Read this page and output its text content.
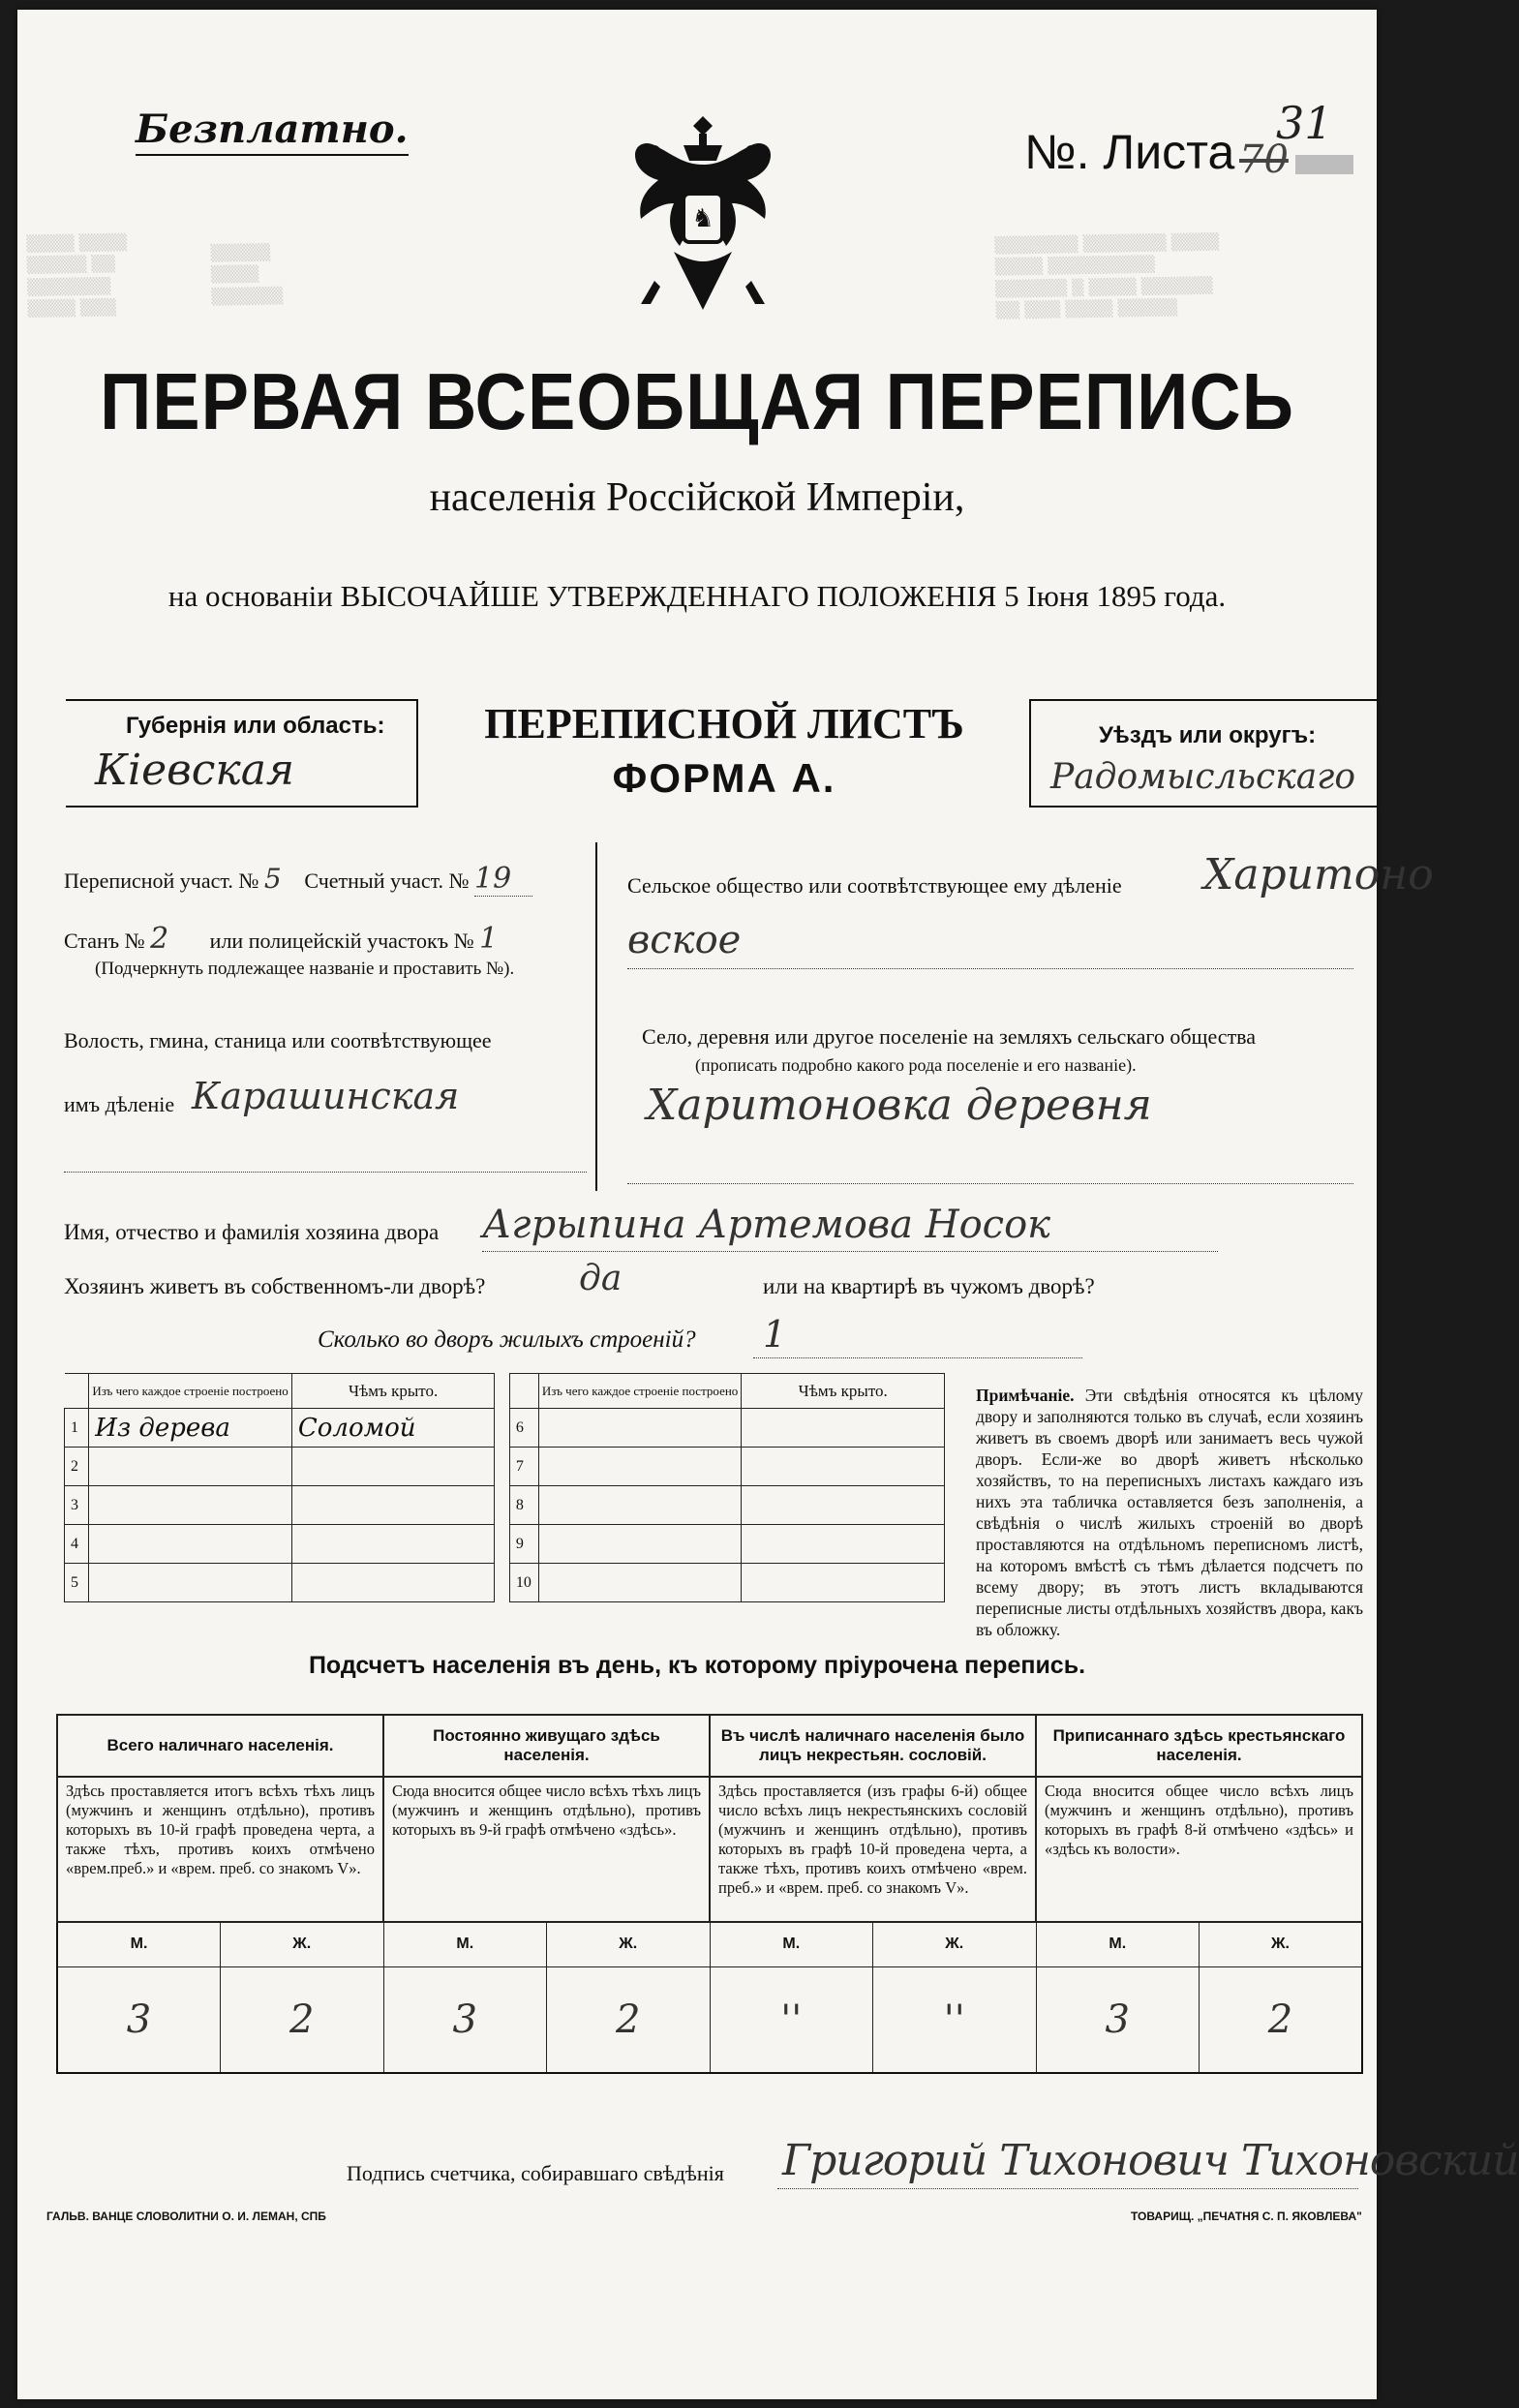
▒▒▒▒ ▒▒▒▒
▒▒▒▒▒ ▒▒
▒▒▒▒▒▒▒
▒▒▒▒ ▒▒▒
▒▒▒▒▒
▒▒▒▒
▒▒▒▒▒▒
▒▒▒▒▒▒▒ ▒▒▒▒▒▒▒ ▒▒▒▒
▒▒▒▒ ▒▒▒▒▒▒▒▒▒
▒▒▒▒▒▒ ▒ ▒▒▒▒ ▒▒▒▒▒▒
▒▒ ▒▒▒ ▒▒▒▒ ▒▒▒▒▒
Безплатно.	№. Листа
31
70
♞
ПЕРВАЯ ВСЕОБЩАЯ ПЕРЕПИСЬ
населенія Россійской Имперіи,
на основаніи ВЫСОЧАЙШЕ УТВЕРЖДЕННАГО ПОЛОЖЕНІЯ 5 Іюня 1895 года.
Губернія или область:
Кіевская
ПЕРЕПИСНОЙ ЛИСТЪ
ФОРМА А.
Уѣздъ или округъ:
Радомысльскаго
Переписной участ. № 5 Счетный участ. № 19
Станъ № 2 или полицейскій участокъ № 1
(Подчеркнуть подлежащее названіе и проставить №).
Волость, гмина, станица или соотвѣтствующее
имъ дѣленіе Карашинская
Сельское общество или соотвѣтствующее ему дѣленіе Харитоно
вское
Село, деревня или другое поселеніе на земляхъ сельскаго общества
(прописать подробно какого рода поселеніе и его названіе).
Харитоновка деревня
Имя, отчество и фамилія хозяина двора Агрыпина Артемова Носок
Хозяинъ живетъ въ собственномъ-ли дворѣ?	да	или на квартирѣ въ чужомъ дворѣ?
Сколько во дворъ жилыхъ строеній? 1
	Изъ чего каждое строеніе построено	Чѣмъ крыто.			Изъ чего каждое строеніе построено	Чѣмъ крыто.
1	Из дерева	Соломой		6		
2				7		
3				8		
4				9		
5				10		
Примѣчаніе. Эти свѣдѣнія относятся къ цѣлому двору и заполняются только въ случаѣ, если хозяинъ живетъ въ своемъ дворѣ или занимаетъ весь чужой дворъ. Если-же во дворѣ живетъ нѣсколько хозяйствъ, то на переписныхъ листахъ каждаго изъ нихъ эта табличка оставляется безъ заполненія, а свѣдѣнія о числѣ жилыхъ строеній во дворѣ проставляются на отдѣльномъ переписномъ листѣ, на которомъ вмѣстѣ съ тѣмъ дѣлается подсчетъ по всему двору; въ этотъ листъ вкладываются переписные листы отдѣльныхъ хозяйствъ двора, какъ въ обложку.
Подсчетъ населенія въ день, къ которому пріурочена перепись.
Всего наличнаго населенія.		Постоянно живущаго здѣсь населенія.		Въ числѣ наличнаго населенія было лицъ некрестьян. сословій.		Приписаннаго здѣсь крестьянскаго населенія.	
Здѣсь проставляется итогъ всѣхъ тѣхъ лицъ (мужчинъ и женщинъ отдѣльно), противъ которыхъ въ 10-й графѣ проведена черта, а также тѣхъ, противъ коихъ отмѣчено «врем.преб.» и «врем. преб. со знакомъ V».		Сюда вносится общее число всѣхъ тѣхъ лицъ (мужчинъ и женщинъ отдѣльно), противъ которыхъ въ 9-й графѣ отмѣчено «здѣсь».		Здѣсь проставляется (изъ графы 6-й) общее число всѣхъ лицъ некрестьянскихъ сословій (мужчинъ и женщинъ отдѣльно), противъ которыхъ въ графѣ 10-й проведена черта, а также тѣхъ, противъ коихъ отмѣчено «врем. преб.» и «врем. преб. со знакомъ V».		Сюда вносится общее число всѣхъ лицъ (мужчинъ и женщинъ отдѣльно), противъ которыхъ въ графѣ 8-й отмѣчено «здѣсь» и «здѣсь къ волости».	
М.	Ж.	М.	Ж.	М.	Ж.	М.	Ж.
3	2	3	2	''	''	3	2
Подпись счетчика, собиравшаго свѣдѣнія Григорий Тихонович Тихоновский
ГАЛЬВ. ВАНЦЕ СЛОВОЛИТНИ О. И. ЛЕМАН, СПБ	ТОВАРИЩ. „ПЕЧАТНЯ С. П. ЯКОВЛЕВА"
